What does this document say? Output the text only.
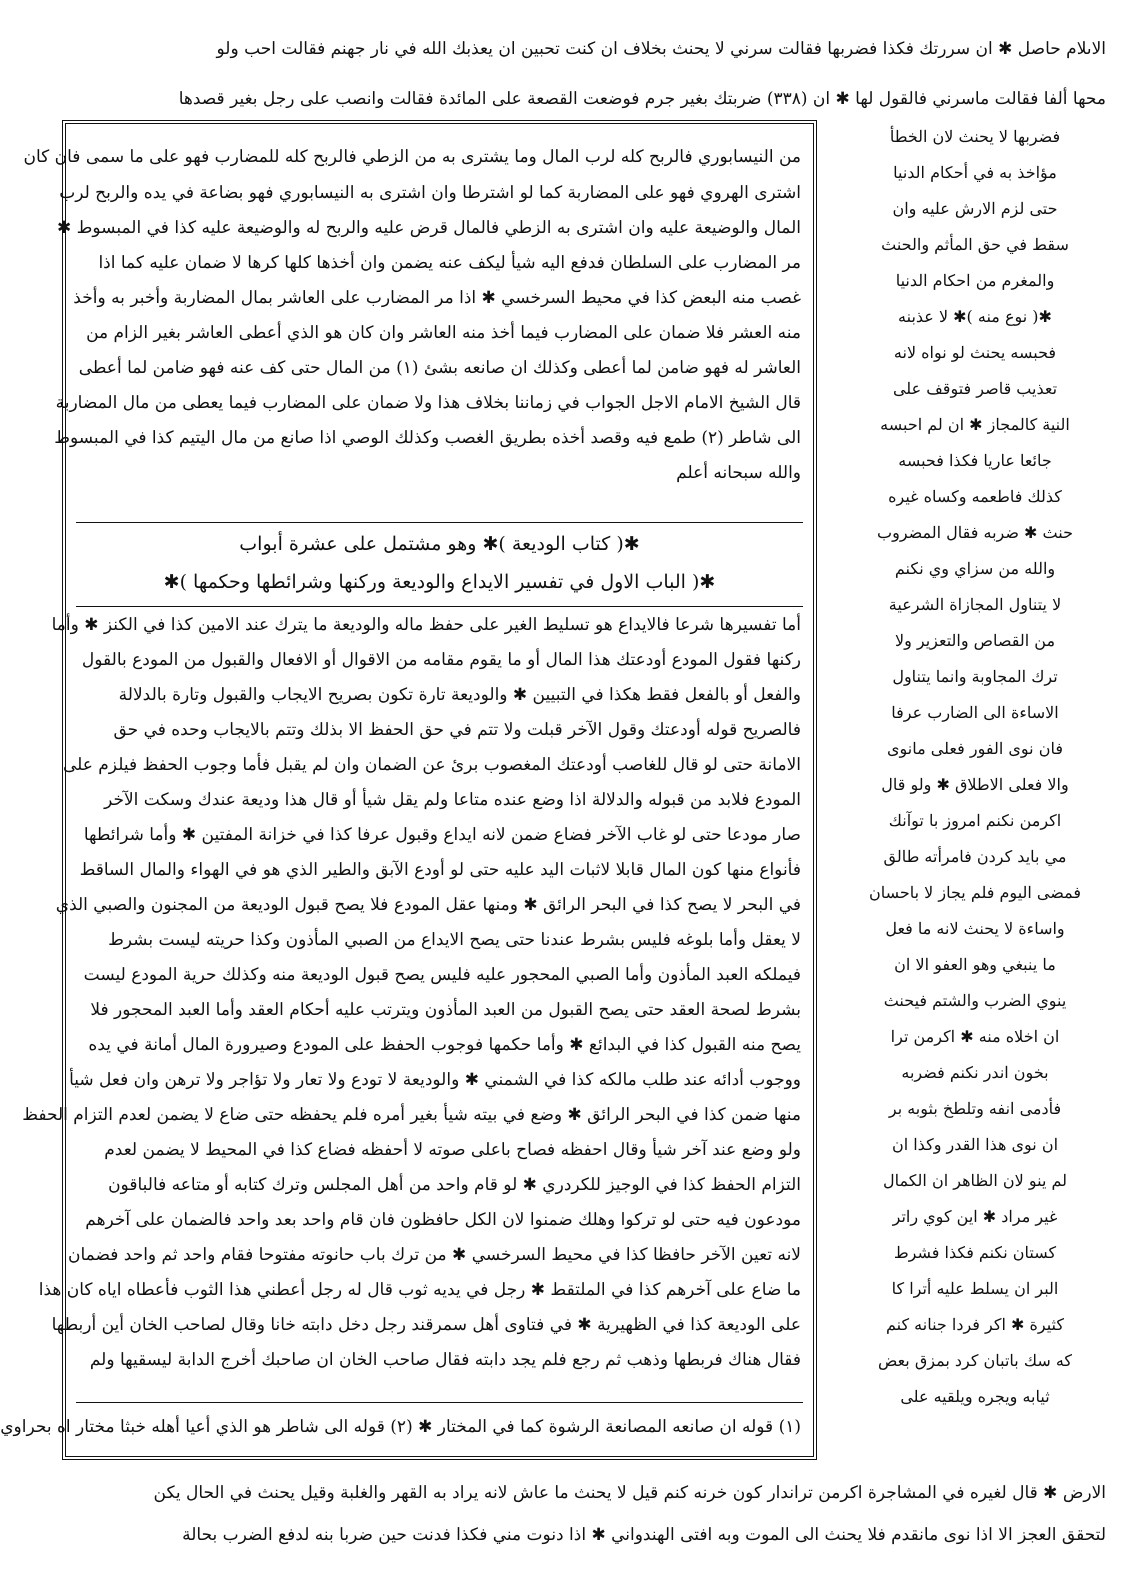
الاىلام حاصل ✱ ان سررتك فكذا فضربها فقالت سرني لا يحنث بخلاف ان كنت تحبين ان يعذبك الله في نار جهنم فقالت احب ولو
محها ألفا فقالت ماسرني فالقول لها ✱ ان (٣٣٨) ضربتك بغير جرم فوضعت القصعة على المائدة فقالت وانصب على رجل بغير قصدها
من النيسابوري فالربح كله لرب المال وما يشترى به من الزطي فالربح كله للمضارب فهو على ما سمى فان كان
اشترى الهروي فهو على المضاربة كما لو اشترطا وان اشترى به النيسابوري فهو بضاعة في يده والربح لرب
المال والوضيعة عليه وان اشترى به الزطي فالمال قرض عليه والربح له والوضيعة عليه كذا في المبسوط ✱
مر المضارب على السلطان فدفع اليه شيأ ليكف عنه يضمن وان أخذها كلها كرها لا ضمان عليه كما اذا
غصب منه البعض كذا في محيط السرخسي ✱ اذا مر المضارب على العاشر بمال المضاربة وأخبر به وأخذ
منه العشر فلا ضمان على المضارب فيما أخذ منه العاشر وان كان هو الذي أعطى العاشر بغير الزام من
العاشر له فهو ضامن لما أعطى وكذلك ان صانعه بشئ (١) من المال حتى كف عنه فهو ضامن لما أعطى
قال الشيخ الامام الاجل الجواب في زماننا بخلاف هذا ولا ضمان على المضارب فيما يعطى من مال المضاربة
الى شاطر (٢) طمع فيه وقصد أخذه بطريق الغصب وكذلك الوصي اذا صانع من مال اليتيم كذا في المبسوط
والله سبحانه أعلم
✱( كتاب الوديعة )✱ وهو مشتمل على عشرة أبواب
✱( الباب الاول في تفسير الايداع والوديعة وركنها وشرائطها وحكمها )✱
أما تفسيرها شرعا فالايداع هو تسليط الغير على حفظ ماله والوديعة ما يترك عند الامين كذا في الكنز ✱ وأما
ركنها فقول المودع أودعتك هذا المال أو ما يقوم مقامه من الاقوال أو الافعال والقبول من المودع بالقول
والفعل أو بالفعل فقط هكذا في التبيين ✱ والوديعة تارة تكون بصريح الايجاب والقبول وتارة بالدلالة
فالصريح قوله أودعتك وقول الآخر قبلت ولا تتم في حق الحفظ الا بذلك وتتم بالايجاب وحده في حق
الامانة حتى لو قال للغاصب أودعتك المغصوب برئ عن الضمان وان لم يقبل فأما وجوب الحفظ فيلزم على
المودع فلابد من قبوله والدلالة اذا وضع عنده متاعا ولم يقل شيأ أو قال هذا وديعة عندك وسكت الآخر
صار مودعا حتى لو غاب الآخر فضاع ضمن لانه ايداع وقبول عرفا كذا في خزانة المفتين ✱ وأما شرائطها
فأنواع منها كون المال قابلا لاثبات اليد عليه حتى لو أودع الآبق والطير الذي هو في الهواء والمال الساقط
في البحر لا يصح كذا في البحر الرائق ✱ ومنها عقل المودع فلا يصح قبول الوديعة من المجنون والصبي الذي
لا يعقل وأما بلوغه فليس بشرط عندنا حتى يصح الايداع من الصبي المأذون وكذا حريته ليست بشرط
فيملكه العبد المأذون وأما الصبي المحجور عليه فليس يصح قبول الوديعة منه وكذلك حرية المودع ليست
بشرط لصحة العقد حتى يصح القبول من العبد المأذون ويترتب عليه أحكام العقد وأما العبد المحجور فلا
يصح منه القبول كذا في البدائع ✱ وأما حكمها فوجوب الحفظ على المودع وصيرورة المال أمانة في يده
ووجوب أدائه عند طلب مالكه كذا في الشمني ✱ والوديعة لا تودع ولا تعار ولا تؤاجر ولا ترهن وان فعل شيأ
منها ضمن كذا في البحر الرائق ✱ وضع في بيته شيأ بغير أمره فلم يحفظه حتى ضاع لا يضمن لعدم التزام الحفظ
ولو وضع عند آخر شيأ وقال احفظه فصاح باعلى صوته لا أحفظه فضاع كذا في المحيط لا يضمن لعدم
التزام الحفظ كذا في الوجيز للكردري ✱ لو قام واحد من أهل المجلس وترك كتابه أو متاعه فالباقون
مودعون فيه حتى لو تركوا وهلك ضمنوا لان الكل حافظون فان قام واحد بعد واحد فالضمان على آخرهم
لانه تعين الآخر حافظا كذا في محيط السرخسي ✱ من ترك باب حانوته مفتوحا فقام واحد ثم واحد فضمان
ما ضاع على آخرهم كذا في الملتقط ✱ رجل في يديه ثوب قال له رجل أعطني هذا الثوب فأعطاه اياه كان هذا
على الوديعة كذا في الظهيرية ✱ في فتاوى أهل سمرقند رجل دخل دابته خانا وقال لصاحب الخان أين أربطها
فقال هناك فربطها وذهب ثم رجع فلم يجد دابته فقال صاحب الخان ان صاحبك أخرج الدابة ليسقيها ولم
(١) قوله ان صانعه المصانعة الرشوة كما في المختار ✱ (٢) قوله الى شاطر هو الذي أعيا أهله خبثا مختار اه بحراوي
فضربها لا يحنث لان الخطأ
مؤاخذ به في أحكام الدنيا
حتى لزم الارش عليه وان
سقط في حق المأثم والحنث
والمغرم من احكام الدنيا
✱( نوع منه )✱ لا عذبنه
فحبسه يحنث لو نواه لانه
تعذيب قاصر فتوقف على
النية كالمجاز ✱ ان لم احبسه
جائعا عاريا فكذا فحبسه
كذلك فاطعمه وكساه غيره
حنث ✱ ضربه فقال المضروب
والله من سزاي وي نكنم
لا يتناول المجازاة الشرعية
من القصاص والتعزير ولا
ترك المجاوبة وانما يتناول
الاساءة الى الضارب عرفا
فان نوى الفور فعلى مانوى
والا فعلى الاطلاق ✱ ولو قال
اكرمن نكنم امروز با توآنك
مي بايد كردن فامرأته طالق
فمضى اليوم فلم يجاز لا باحسان
واساءة لا يحنث لانه ما فعل
ما ينبغي وهو العفو الا ان
ينوي الضرب والشتم فيحنث
ان اخلاه منه ✱ اكرمن ترا
بخون اندر نكنم فضربه
فأدمى انفه وتلطخ بثوبه بر
ان نوى هذا القدر وكذا ان
لم ينو لان الظاهر ان الكمال
غير مراد ✱ اين كوي راتر
كستان نكنم فكذا فشرط
البر ان يسلط عليه أترا كا
كثيرة ✱ اكر فردا جنانه كنم
كه سك باتبان كرد بمزق بعض
ثيابه ويجره ويلقيه على
الارض ✱ قال لغيره في المشاجرة اكرمن تراندار كون خرنه كنم قيل لا يحنث ما عاش لانه يراد به القهر والغلبة وقيل يحنث في الحال يكن
لتحقق العجز الا اذا نوى مانقدم فلا يحنث الى الموت وبه افتى الهندواني ✱ اذا دنوت مني فكذا فدنت حين ضربا بنه لدفع الضرب بحالة
